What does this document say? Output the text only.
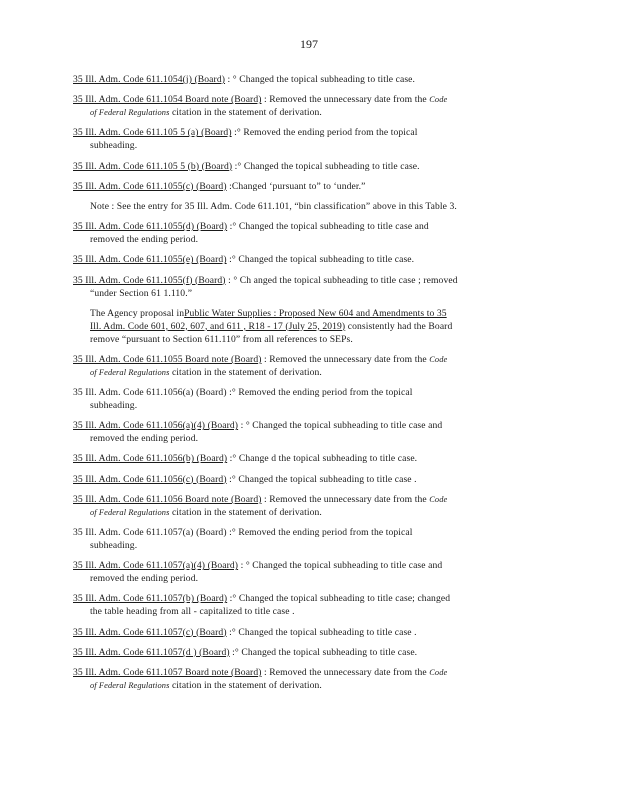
197
35 Ill. Adm. Code 611.1054(j) (Board) : ° Changed the topical subheading to title case.
35 Ill. Adm. Code 611.1054 Board note (Board) : Removed the unnecessary date from the Code
of Federal Regulations citation in the statement of derivation.
35 Ill. Adm. Code 611.105 5 (a) (Board) :° Removed the ending period from the topical
subheading.
35 Ill. Adm. Code 611.105 5 (b) (Board) :° Changed the topical subheading to title case.
35 Ill. Adm. Code 611.1055(c) (Board) :Changed ‘pursuant to” to ‘under.”
Note : See the entry for 35 Ill. Adm. Code 611.101, “bin classification” above in this Table 3.
35 Ill. Adm. Code 611.1055(d) (Board) :° Changed the topical subheading to title case and
removed the ending period.
35 Ill. Adm. Code 611.1055(e) (Board) :° Changed the topical subheading to title case.
35 Ill. Adm. Code 611.1055(f) (Board) : ° Ch anged the topical subheading to title case ; removed
“under Section 61 1.110.”
The Agency proposal inPublic Water Supplies : Proposed New 604 and Amendments to 35
Ill. Adm. Code 601, 602, 607, and 611 , R18 - 17 (July 25, 2019) consistently had the Board
remove “pursuant to Section 611.110” from all references to SEPs.
35 Ill. Adm. Code 611.1055 Board note (Board) : Removed the unnecessary date from the Code
of Federal Regulations citation in the statement of derivation.
35 Ill. Adm. Code 611.1056(a) (Board) :° Removed the ending period from the topical
subheading.
35 Ill. Adm. Code 611.1056(a)(4) (Board) : ° Changed the topical subheading to title case and
removed the ending period.
35 Ill. Adm. Code 611.1056(b) (Board) :° Change d the topical subheading to title case.
35 Ill. Adm. Code 611.1056(c) (Board) :° Changed the topical subheading to title case .
35 Ill. Adm. Code 611.1056 Board note (Board) : Removed the unnecessary date from the Code
of Federal Regulations citation in the statement of derivation.
35 Ill. Adm. Code 611.1057(a) (Board) :° Removed the ending period from the topical
subheading.
35 Ill. Adm. Code 611.1057(a)(4) (Board) : ° Changed the topical subheading to title case and
removed the ending period.
35 Ill. Adm. Code 611.1057(b) (Board) :° Changed the topical subheading to title case; changed
the table heading from all - capitalized to title case .
35 Ill. Adm. Code 611.1057(c) (Board) :° Changed the topical subheading to title case .
35 Ill. Adm. Code 611.1057(d ) (Board) :° Changed the topical subheading to title case.
35 Ill. Adm. Code 611.1057 Board note (Board) : Removed the unnecessary date from the Code
of Federal Regulations citation in the statement of derivation.
